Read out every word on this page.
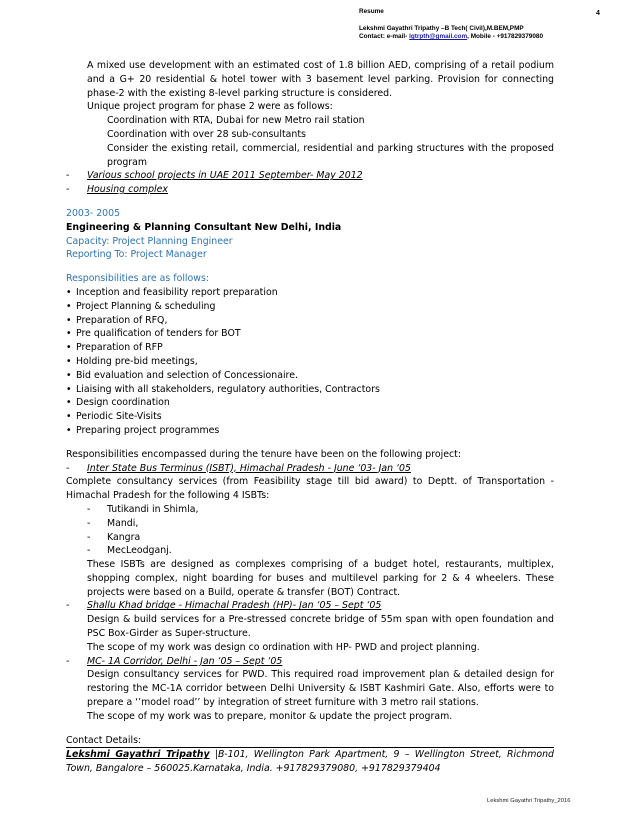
Resume
Lekshmi Gayathri Tripathy –B Tech( Civil),M.BEM,PMP
Contact: e-mail- lgtrpth@gmail.com, Mobile - +917829379080
4

A mixed use development with an estimated cost of 1.8 billion AED, comprising of a retail podium and a G+ 20 residential & hotel tower with 3 basement level parking. Provision for connecting phase-2 with the existing 8-level parking structure is considered.

Unique project program for phase 2 were as follows:

Coordination with RTA, Dubai for new Metro rail station

Coordination with over 28 sub-consultants

Consider the existing retail, commercial, residential and parking structures with the proposed program

- Various school projects in UAE 2011 September- May 2012
- Housing complex

2003- 2005

Engineering & Planning Consultant New Delhi, India

Capacity: Project Planning Engineer

Reporting To: Project Manager

Responsibilities are as follows:

• Inception and feasibility report preparation
• Project Planning & scheduling
• Preparation of RFQ,
• Pre qualification of tenders for BOT
• Preparation of RFP
• Holding pre-bid meetings,
• Bid evaluation and selection of Concessionaire.
• Liaising with all stakeholders, regulatory authorities, Contractors
• Design coordination
• Periodic Site-Visits
• Preparing project programmes

Responsibilities encompassed during the tenure have been on the following project:

- Inter State Bus Terminus (ISBT), Himachal Pradesh - June ‘03- Jan ‘05

Complete consultancy services (from Feasibility stage till bid award) to Deptt. of Transportation - Himachal Pradesh for the following 4 ISBTs:

- Tutikandi in Shimla,
- Mandi,
- Kangra
- MecLeodganj.

These ISBTs are designed as complexes comprising of a budget hotel, restaurants, multiplex, shopping complex, night boarding for buses and multilevel parking for 2 & 4 wheelers. These projects were based on a Build, operate & transfer (BOT) Contract.

- Shallu Khad bridge - Himachal Pradesh (HP)- Jan ‘05 – Sept ‘05

Design & build services for a Pre-stressed concrete bridge of 55m span with open foundation and PSC Box-Girder as Super-structure.

The scope of my work was design co ordination with HP- PWD and project planning.

- MC- 1A Corridor, Delhi - Jan ‘05 – Sept ‘05

Design consultancy services for PWD. This required road improvement plan & detailed design for restoring the MC-1A corridor between Delhi University & ISBT Kashmiri Gate. Also, efforts were to prepare a ‘’model road’’ by integration of street furniture with 3 metro rail stations.

The scope of my work was to prepare, monitor & update the project program.

Contact Details:

Lekshmi Gayathri Tripathy |B-101, Wellington Park Apartment, 9 – Wellington Street, Richmond Town, Bangalore – 560025.Karnataka, India. +917829379080, +917829379404

Lekshmi Gayathri Tripathy_2016
